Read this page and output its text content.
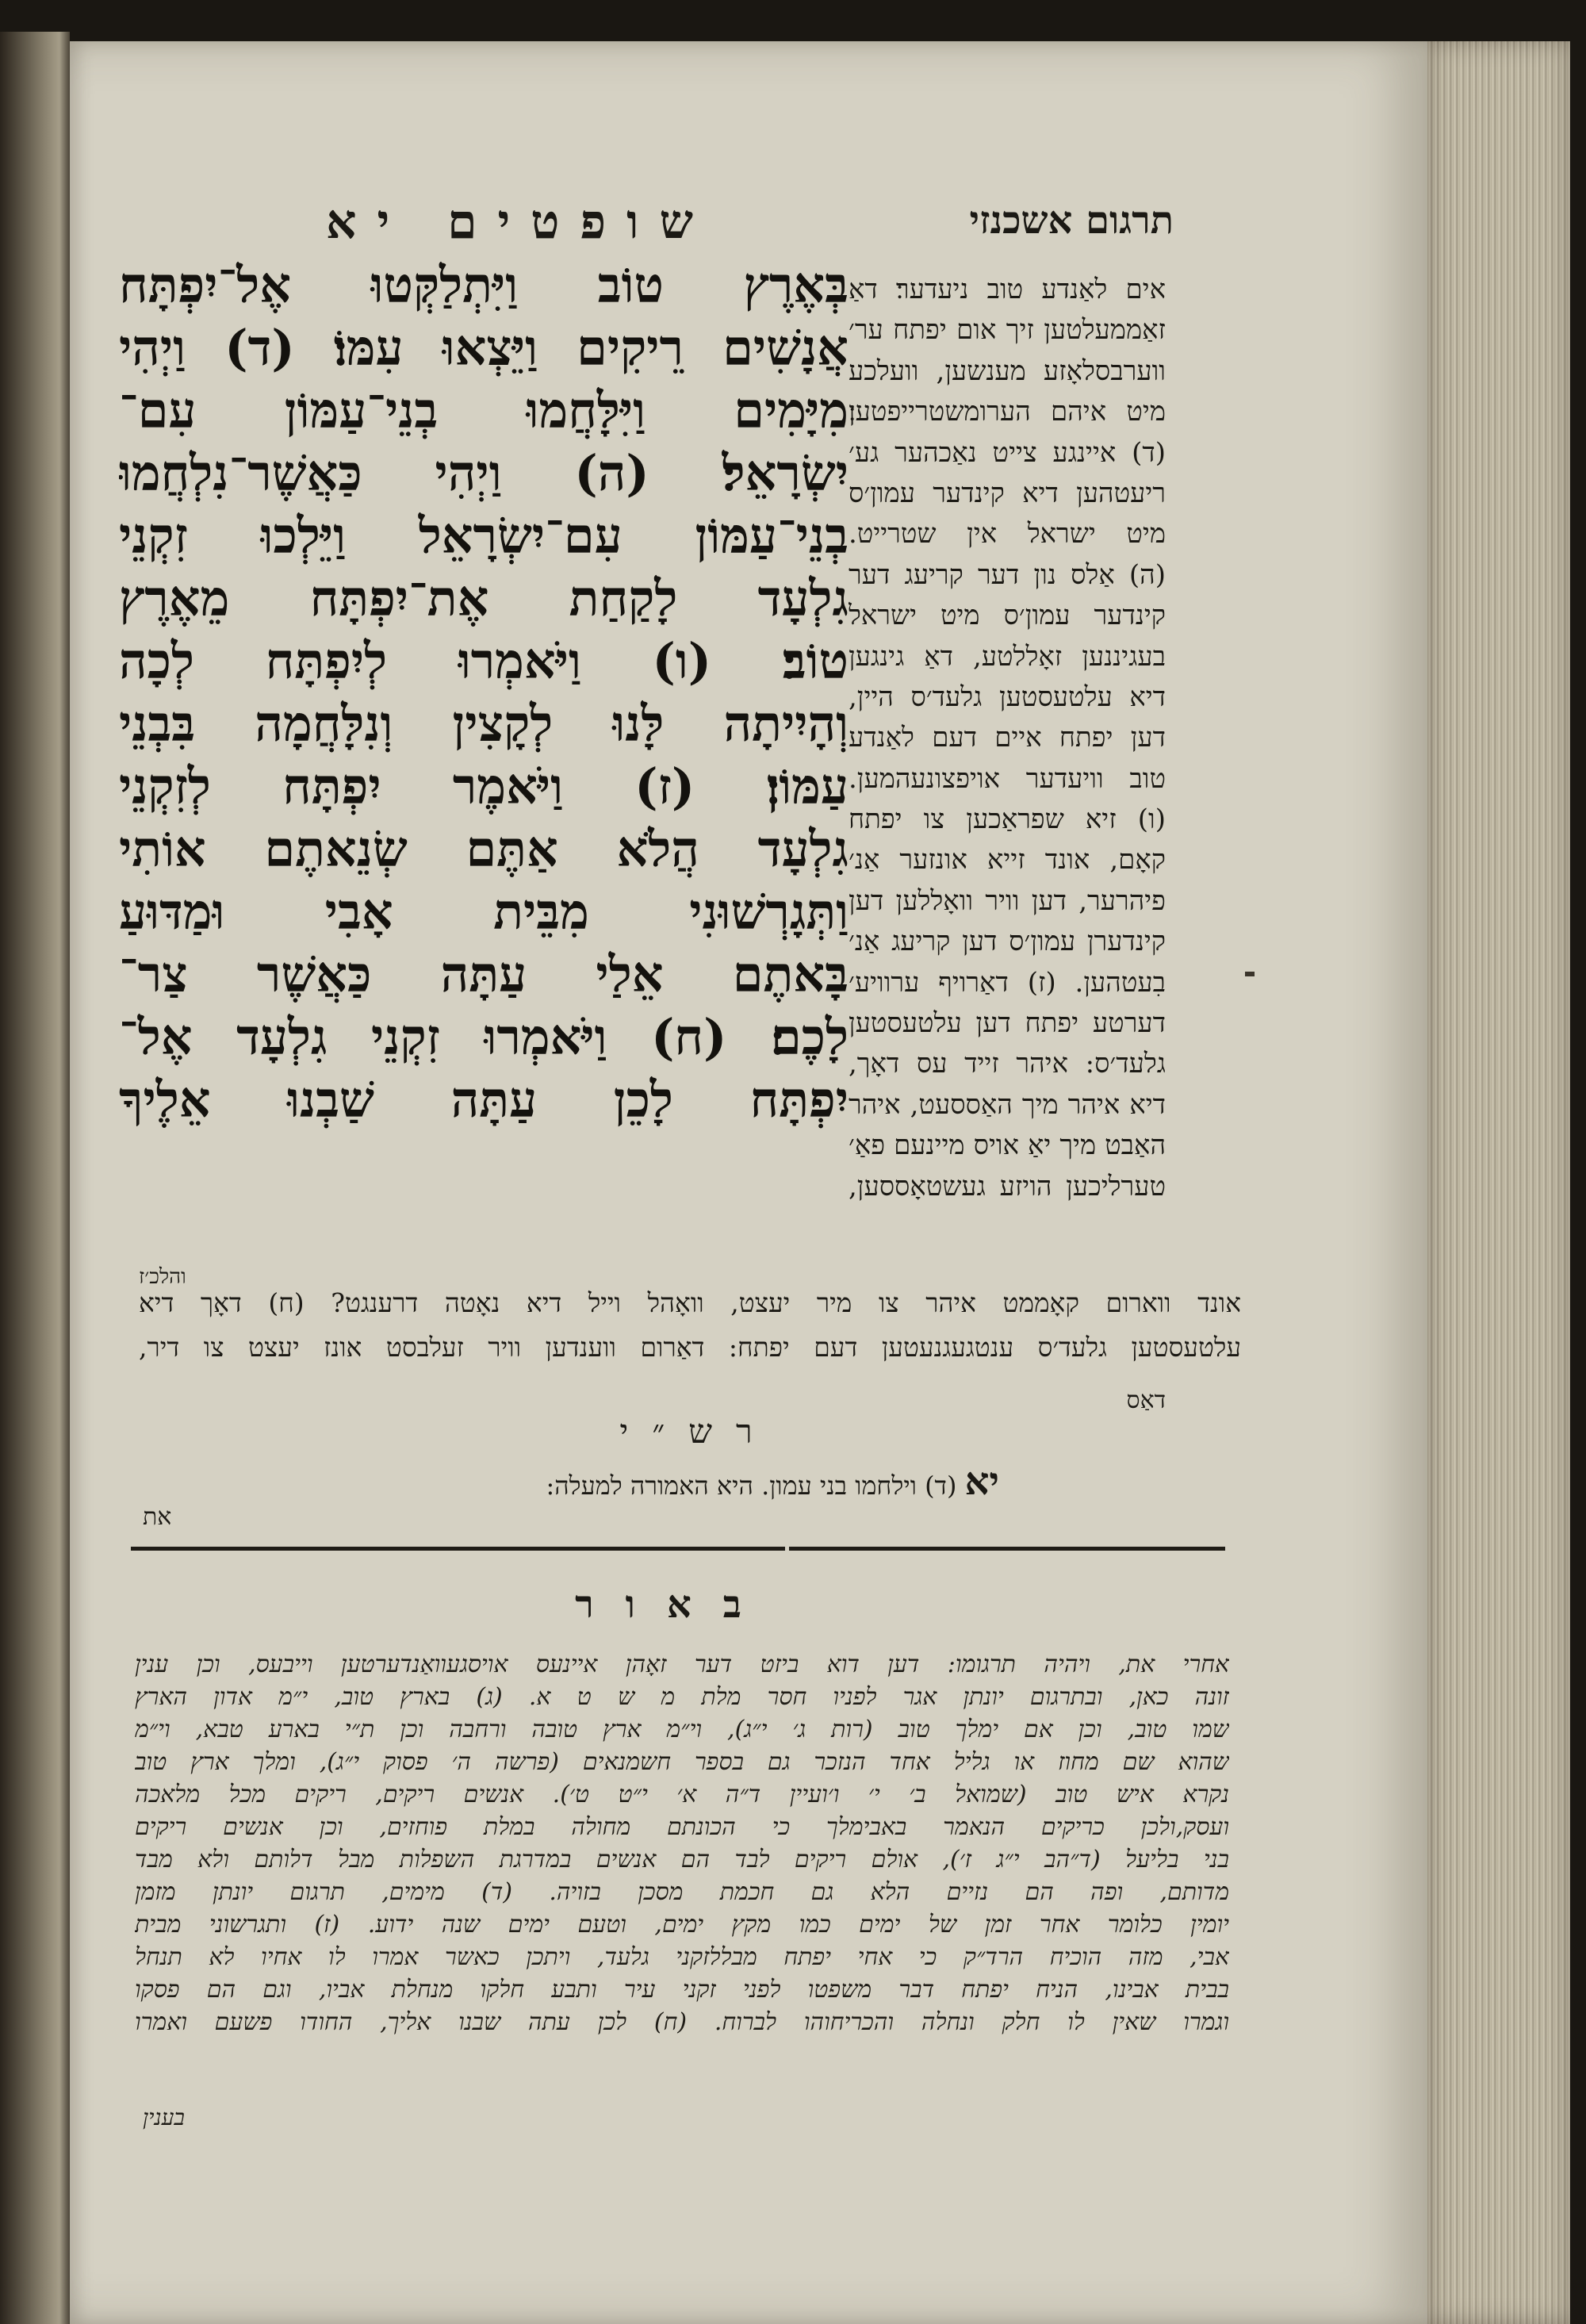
שופטים יא	תרגום אשכנזי
בְּאֶרֶץ טוֹב וַיִּתְלַקְּטוּ אֶל־יִפְתָּח
אֲנָשִׁים רֵיקִים וַיֵּצְאוּ עִמּוֹ׃ (ד) וַיְהִי
מִיָּמִים וַיִּלָּחֲמוּ בְנֵי־עַמּוֹן עִם־
יִשְׂרָאֵל׃ (ה) וַיְהִי כַּאֲשֶׁר־נִלְחֲמוּ
בְנֵי־עַמּוֹן עִם־יִשְׂרָאֵל וַיֵּלְכוּ זִקְנֵי
גִלְעָד לָקַחַת אֶת־יִפְתָּח מֵאֶרֶץ
טוֹב׃ (ו) וַיֹּאמְרוּ לְיִפְתָּח לְכָה
וְהָיִיתָה לָּנוּ לְקָצִין וְנִלָּחֲמָה בִּבְנֵי
עַמּוֹן׃ (ז) וַיֹּאמֶר יִפְתָּח לְזִקְנֵי
גִלְעָד הֲלֹא אַתֶּם שְׂנֵאתֶם אוֹתִי
וַתְּגָרְשׁוּנִי מִבֵּית אָבִי וּמַדּוּעַ
בָּאתֶם אֵלַי עַתָּה כַּאֲשֶׁר צַר־
לָכֶם׃ (ח) וַיֹּאמְרוּ זִקְנֵי גִלְעָד אֶל־
יִפְתָּח לָכֵן עַתָּה שַׁבְנוּ אֵלֶיךָ
אים לאַנדע טוב ניעדער׃ דאַ
זאַממעלטען זיך אום יפתח ער׳
ווערבסלאָזע מענשען, וועלכע
מיט איהם הערומשטרייפטען׃
(ד) איינגע צייט נאַכהער גע׳
ריעטהען דיא קינדער עמון׳ס
מיט ישראל אין שטרייט.
(ה) אַלס נון דער קריעג דער
קינדער עמון׳ס מיט ישראל
בעגיננען זאָללטע, דאַ גינגען
דיא עלטעסטען גלעד׳ס היין,
דען יפתח איים דעם לאַנדע
טוב וויעדער אויפצונעהמען.
(ו) זיא שפראַכען צו יפתח
קאָם, אונד זייא אונזער אַנ׳
פיהרער, דען וויר וואָללען דען
קינדערן עמון׳ס דען קריעג אַנ׳
בִעטהען. (ז) דאַרויף ערוויע׳
דערטע יפתח דען עלטעסטען
גלעד׳ס: איהר זייד עס דאָך,
דיא איהר מיך האַססעט, איהר
האַבט מיך יאַ אויס מיינעם פאַ׳
טערליכען הויזע געשטאָססען,
והלכ׳ז
אונד ווארום קאָממט איהר צו מיר יעצט, וואָהל וייל דיא נאָטה דרענגט? (ח) דאָך דיא
עלטעסטען גלעד׳ס ענטגעגנעטען דעם יפתח: דאַרום ווענדען וויר זעלבסט אונז יעצט צו דיר,
דאַס
רש״י
יא (ד) וילחמו בני עמון. היא האמורה למעלה:
את
באור
אחרי את, ויהיה תרגומו: דען דוא ביזט דער זאָהן איינעס אויסגעוואַנדערטען וייבעס, וכן ענין
זונה כאן, ובתרגום יונתן אגר לפניו חסר מלת מ ש ט א. (ג) בארץ טוב, י״מ אדון הארץ
שמו טוב, וכן אם ימלך טוב (רות ג׳ י״ג), וי״מ ארץ טובה ורחבה וכן ת״י בארע טבא, וי״מ
שהוא שם מחוז או גליל אחד הנזכר גם בספר חשמנאים (פרשה ה׳ פסוק י״ג), ומלך ארץ טוב
נקרא איש טוב (שמואל ב׳ י׳ ו׳ועיין ד״ה א׳ י״ט ט׳). אנשים ריקים, ריקים מכל מלאכה
ועסק,ולכן כריקים הנאמר באבימלך כי הכונתם מחולה במלת פוחזים, וכן אנשים ריקים
בני בליעל (ד״הב י״ג ז׳), אולם ריקים לבד הם אנשים במדרגת השפלות מבל דלותם ולא מבד
מדותם, ופה הם נזיים הלא גם חכמת מסכן בזויה. (ד) מימים, תרגום יונתן מזמן
יומין כלומר אחר זמן של ימים כמו מקץ ימים, וטעם ימים שנה ידוע. (ז) ותגרשוני מבית
אבי, מזה הוכיח הרד״ק כי אחי יפתח מבללזקני גלעד, ויתכן כאשר אמרו לו אחיו לא תנחל
בבית אבינו, הניח יפתח דבר משפטו לפני זקני עיר ותבע חלקו מנחלת אביו, וגם הם פסקו
וגמרו שאין לו חלק ונחלה והכריחוהו לברוח. (ח) לכן עתה שבנו אליך, החודו פשעם ואמרו
בענין
